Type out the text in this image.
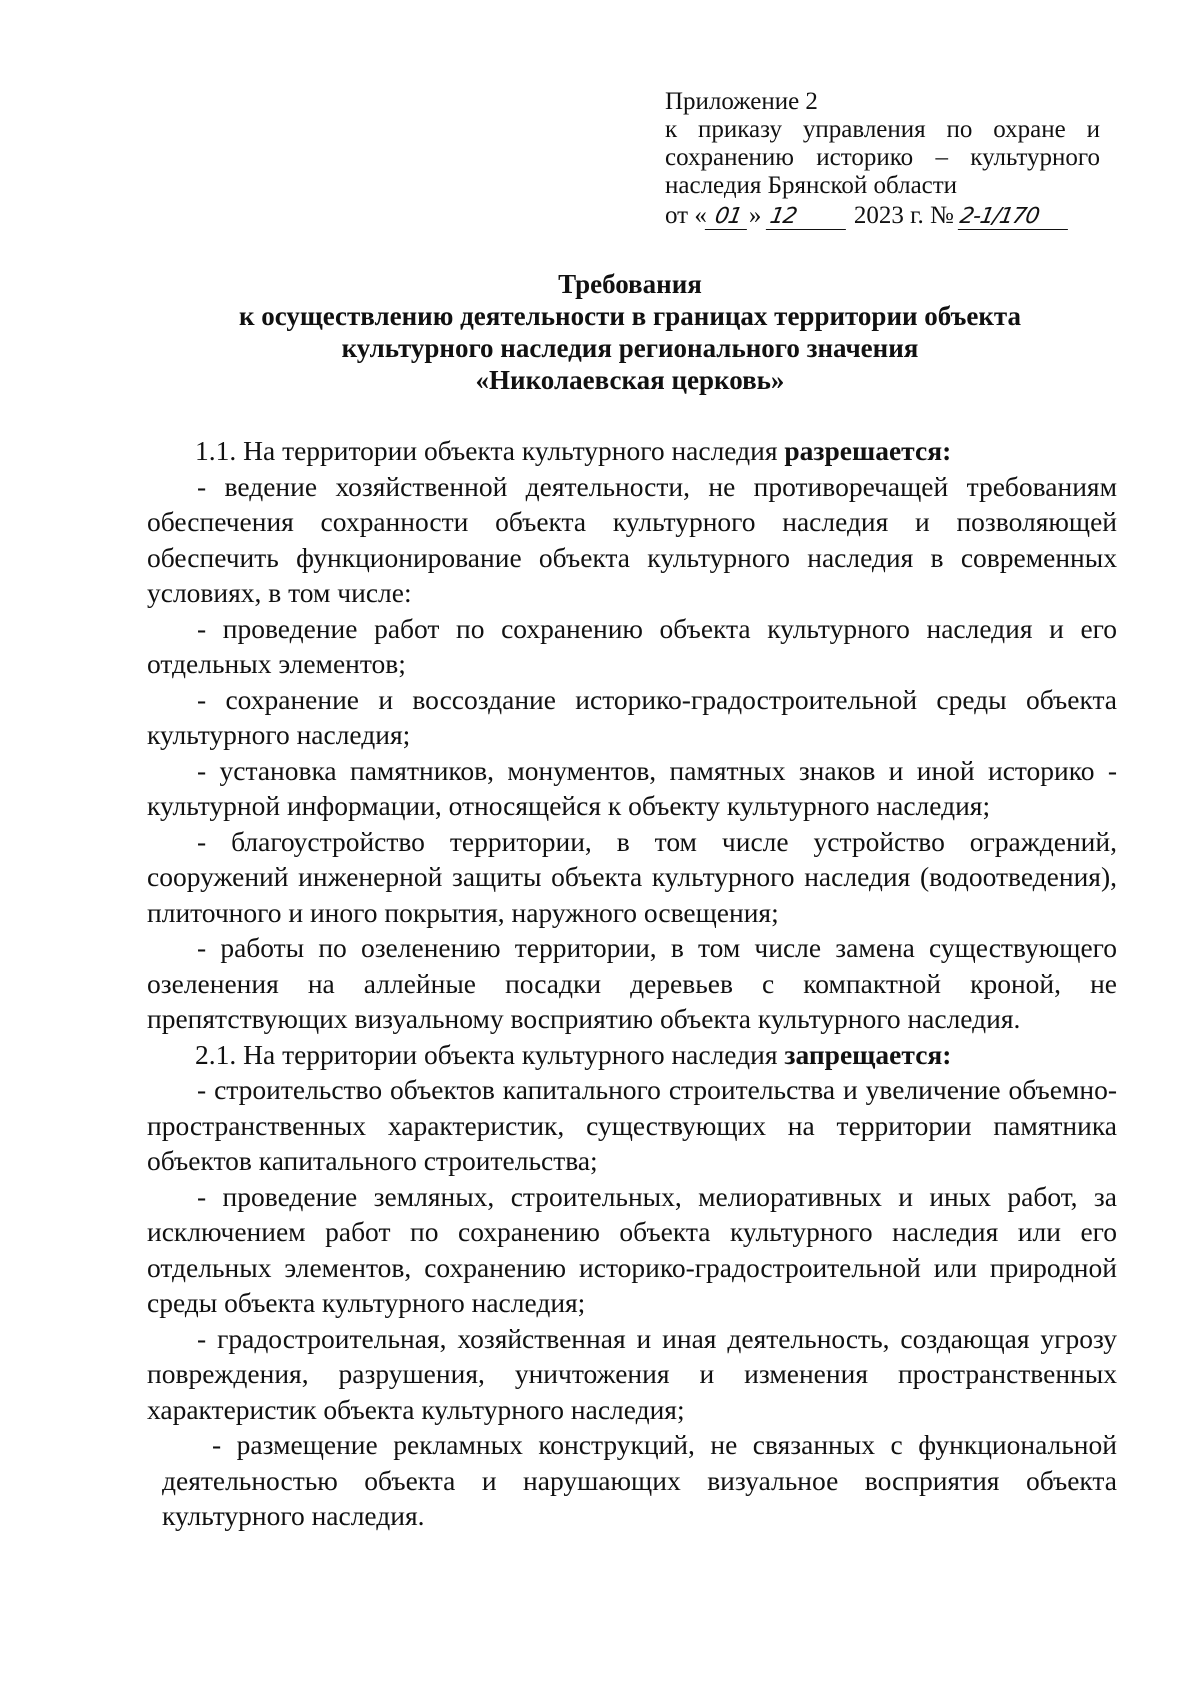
Приложение 2
к приказу управления по охране и
сохранению историко – культурного
наследия Брянской области
от « 01 » 12 2023 г. № 2-1/170
Требования
к осуществлению деятельности в границах территории объекта
культурного наследия регионального значения
«Николаевская церковь»

1.1. На территории объекта культурного наследия разрешается:

- ведение хозяйственной деятельности, не противоречащей требованиям обеспечения сохранности объекта культурного наследия и позволяющей обеспечить функционирование объекта культурного наследия в современных условиях, в том числе:

- проведение работ по сохранению объекта культурного наследия и его отдельных элементов;

- сохранение и воссоздание историко-градостроительной среды объекта культурного наследия;

- установка памятников, монументов, памятных знаков и иной историко - культурной информации, относящейся к объекту культурного наследия;

- благоустройство территории, в том числе устройство ограждений, сооружений инженерной защиты объекта культурного наследия (водоотведения), плиточного и иного покрытия, наружного освещения;

- работы по озеленению территории, в том числе замена существующего озеленения на аллейные посадки деревьев с компактной кроной, не препятствующих визуальному восприятию объекта культурного наследия.

2.1. На территории объекта культурного наследия запрещается:

- строительство объектов капитального строительства и увеличение объемно-пространственных характеристик, существующих на территории памятника объектов капитального строительства;

- проведение земляных, строительных, мелиоративных и иных работ, за исключением работ по сохранению объекта культурного наследия или его отдельных элементов, сохранению историко-градостроительной или природной среды объекта культурного наследия;

- градостроительная, хозяйственная и иная деятельность, создающая угрозу повреждения, разрушения, уничтожения и изменения пространственных характеристик объекта культурного наследия;

- размещение рекламных конструкций, не связанных с функциональной деятельностью объекта и нарушающих визуальное восприятия объекта культурного наследия.
